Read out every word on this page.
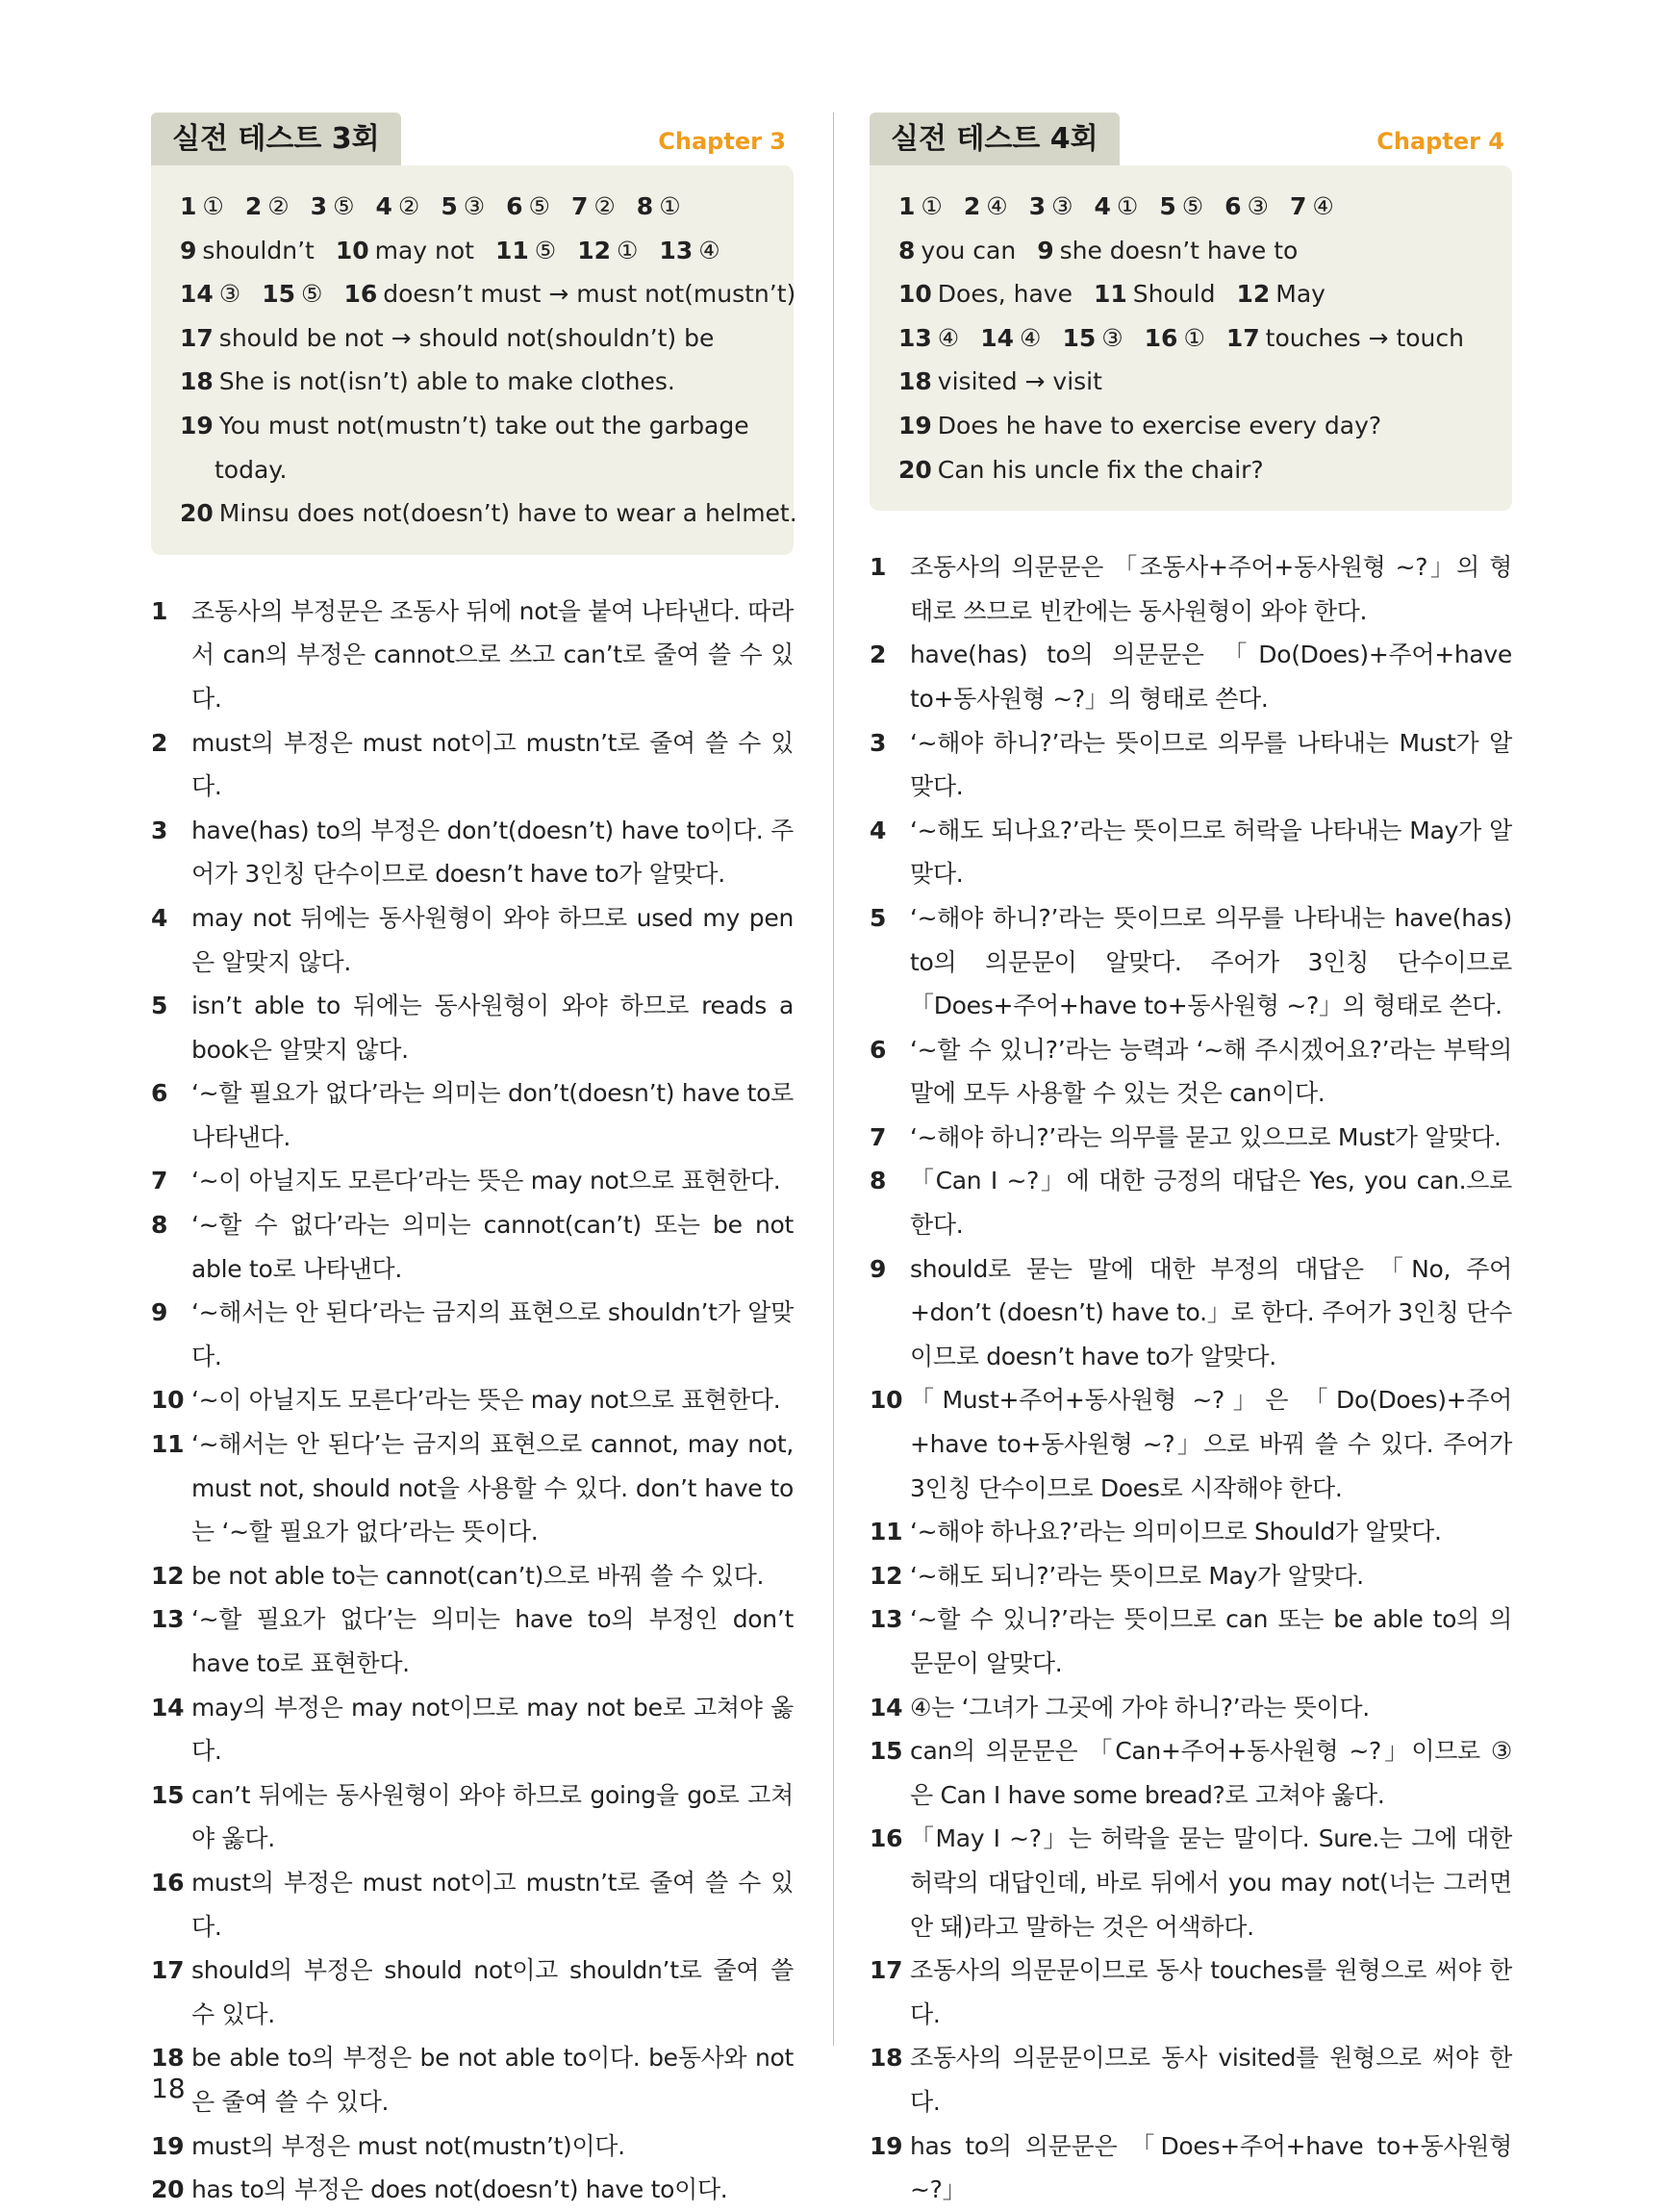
실전 테스트 3회	Chapter 3
1 ① 2 ② 3 ⑤ 4 ② 5 ③ 6 ⑤ 7 ② 8 ①
9 shouldn’t 10 may not 11 ⑤ 12 ① 13 ④
14 ③ 15 ⑤ 16 doesn’t must → must not(mustn’t)
17 should be not → should not(shouldn’t) be
18 She is not(isn’t) able to make clothes.
19 You must not(mustn’t) take out the garbage
today.
20 Minsu does not(doesn’t) have to wear a helmet.
1 조동사의 부정문은 조동사 뒤에 not을 붙여 나타낸다. 따라서 can의 부정은 cannot으로 쓰고 can’t로 줄여 쓸 수 있다.
2 must의 부정은 must not이고 mustn’t로 줄여 쓸 수 있다.
3 have(has) to의 부정은 don’t(doesn’t) have to이다. 주어가 3인칭 단수이므로 doesn’t have to가 알맞다.
4 may not 뒤에는 동사원형이 와야 하므로 used my pen은 알맞지 않다.
5 isn’t able to 뒤에는 동사원형이 와야 하므로 reads a book은 알맞지 않다.
6 ‘~할 필요가 없다’라는 의미는 don’t(doesn’t) have to로 나타낸다.
7 ‘~이 아닐지도 모른다’라는 뜻은 may not으로 표현한다.
8 ‘~할 수 없다’라는 의미는 cannot(can’t) 또는 be not able to로 나타낸다.
9 ‘~해서는 안 된다’라는 금지의 표현으로 shouldn’t가 알맞다.
10 ‘~이 아닐지도 모른다’라는 뜻은 may not으로 표현한다.
11 ‘~해서는 안 된다’는 금지의 표현으로 cannot, may not, must not, should not을 사용할 수 있다. don’t have to는 ‘~할 필요가 없다’라는 뜻이다.
12 be not able to는 cannot(can’t)으로 바꿔 쓸 수 있다.
13 ‘~할 필요가 없다’는 의미는 have to의 부정인 don’t have to로 표현한다.
14 may의 부정은 may not이므로 may not be로 고쳐야 옳다.
15 can’t 뒤에는 동사원형이 와야 하므로 going을 go로 고쳐야 옳다.
16 must의 부정은 must not이고 mustn’t로 줄여 쓸 수 있다.
17 should의 부정은 should not이고 shouldn’t로 줄여 쓸 수 있다.
18 be able to의 부정은 be not able to이다. be동사와 not은 줄여 쓸 수 있다.
19 must의 부정은 must not(mustn’t)이다.
20 has to의 부정은 does not(doesn’t) have to이다.
실전 테스트 4회	Chapter 4
1 ① 2 ④ 3 ③ 4 ① 5 ⑤ 6 ③ 7 ④
8 you can 9 she doesn’t have to
10 Does, have 11 Should 12 May
13 ④ 14 ④ 15 ③ 16 ① 17 touches → touch
18 visited → visit
19 Does he have to exercise every day?
20 Can his uncle fix the chair?
1 조동사의 의문문은 「조동사+주어+동사원형 ~?」의 형태로 쓰므로 빈칸에는 동사원형이 와야 한다.
2 have(has) to의 의문문은 「Do(Does)+주어+have to+동사원형 ~?」의 형태로 쓴다.
3 ‘~해야 하니?’라는 뜻이므로 의무를 나타내는 Must가 알맞다.
4 ‘~해도 되나요?’라는 뜻이므로 허락을 나타내는 May가 알맞다.
5 ‘~해야 하니?’라는 뜻이므로 의무를 나타내는 have(has) to의 의문문이 알맞다. 주어가 3인칭 단수이므로 「Does+주어+have to+동사원형 ~?」의 형태로 쓴다.
6 ‘~할 수 있니?’라는 능력과 ‘~해 주시겠어요?’라는 부탁의 말에 모두 사용할 수 있는 것은 can이다.
7 ‘~해야 하니?’라는 의무를 묻고 있으므로 Must가 알맞다.
8 「Can I ~?」에 대한 긍정의 대답은 Yes, you can.으로 한다.
9 should로 묻는 말에 대한 부정의 대답은 「No, 주어+don’t (doesn’t) have to.」로 한다. 주어가 3인칭 단수이므로 doesn’t have to가 알맞다.
10 「Must+주어+동사원형 ~?」은 「Do(Does)+주어+have to+동사원형 ~?」으로 바꿔 쓸 수 있다. 주어가 3인칭 단수이므로 Does로 시작해야 한다.
11 ‘~해야 하나요?’라는 의미이므로 Should가 알맞다.
12 ‘~해도 되니?’라는 뜻이므로 May가 알맞다.
13 ‘~할 수 있니?’라는 뜻이므로 can 또는 be able to의 의문문이 알맞다.
14 ④는 ‘그녀가 그곳에 가야 하니?’라는 뜻이다.
15 can의 의문문은 「Can+주어+동사원형 ~?」이므로 ③은 Can I have some bread?로 고쳐야 옳다.
16 「May I ~?」는 허락을 묻는 말이다. Sure.는 그에 대한 허락의 대답인데, 바로 뒤에서 you may not(너는 그러면 안 돼)라고 말하는 것은 어색하다.
17 조동사의 의문문이므로 동사 touches를 원형으로 써야 한다.
18 조동사의 의문문이므로 동사 visited를 원형으로 써야 한다.
19 has to의 의문문은 「Does+주어+have to+동사원형 ~?」
18
